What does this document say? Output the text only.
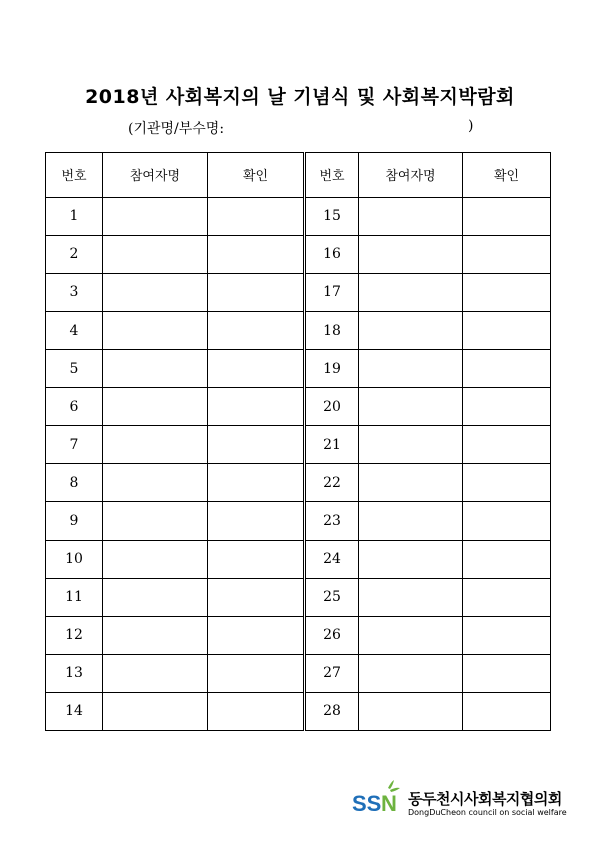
2018년 사회복지의 날 기념식 및 사회복지박람회
(기관명/부수명:	)
번호	참여자명	확인	번호	참여자명	확인
1			15		
2			16		
3			17		
4			18		
5			19		
6			20		
7			21		
8			22		
9			23		
10			24		
11			25		
12			26		
13			27		
14			28		
SS N 동두천시사회복지협의회
DongDuCheon council on social welfare
